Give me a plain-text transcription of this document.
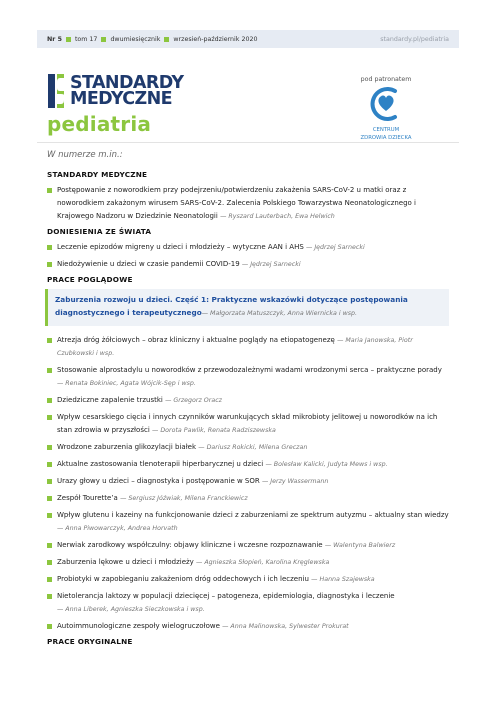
Nr 5 tom 17 dwumiesięcznik wrzesień-październik 2020	standardy.pl/pediatria
STANDARDY
MEDYCZNE
pediatria
pod patronatem
CENTRUM
ZDROWIA DZIECKA
W numerze m.in.:
STANDARDY MEDYCZNE
Postępowanie z noworodkiem przy podejrzeniu/potwierdzeniu zakażenia SARS-CoV-2 u matki oraz z noworodkiem zakażonym wirusem SARS-CoV-2. Zalecenia Polskiego Towarzystwa Neonatologicznego i Krajowego Nadzoru w Dziedzinie Neonatologii — Ryszard Lauterbach, Ewa Helwich
DONIESIENIA ZE ŚWIATA
Leczenie epizodów migreny u dzieci i młodzieży – wytyczne AAN i AHS — Jędrzej Sarnecki
Niedożywienie u dzieci w czasie pandemii COVID-19 — Jędrzej Sarnecki
PRACE POGLĄDOWE
Zaburzenia rozwoju u dzieci. Część 1: Praktyczne wskazówki dotyczące postępowania diagnostycznego i terapeutycznego— Małgorzata Matuszczyk, Anna Wiernicka i wsp.
Atrezja dróg żółciowych – obraz kliniczny i aktualne poglądy na etiopatogenezę — Maria Janowska, Piotr Czubkowski i wsp.
Stosowanie alprostadylu u noworodków z przewodozależnymi wadami wrodzonymi serca – praktyczne porady — Renata Bokiniec, Agata Wójcik-Sęp i wsp.
Dziedziczne zapalenie trzustki — Grzegorz Oracz
Wpływ cesarskiego cięcia i innych czynników warunkujących skład mikrobioty jelitowej u noworodków na ich stan zdrowia w przyszłości — Dorota Pawlik, Renata Radziszewska
Wrodzone zaburzenia glikozylacji białek — Dariusz Rokicki, Milena Greczan
Aktualne zastosowania tlenoterapii hiperbarycznej u dzieci — Bolesław Kalicki, Judyta Mews i wsp.
Urazy głowy u dzieci – diagnostyka i postępowanie w SOR — Jerzy Wassermann
Zespół Tourette’a — Sergiusz Jóźwiak, Milena Franckiewicz
Wpływ glutenu i kazeiny na funkcjonowanie dzieci z zaburzeniami ze spektrum autyzmu – aktualny stan wiedzy — Anna Piwowarczyk, Andrea Horvath
Nerwiak zarodkowy współczulny: objawy kliniczne i wczesne rozpoznawanie — Walentyna Balwierz
Zaburzenia lękowe u dzieci i młodzieży — Agnieszka Słopień, Karolina Kręglewska
Probiotyki w zapobieganiu zakażeniom dróg oddechowych i ich leczeniu — Hanna Szajewska
Nietolerancja laktozy w populacji dziecięcej – patogeneza, epidemiologia, diagnostyka i leczenie
— Anna Liberek, Agnieszka Sieczkowska i wsp.
Autoimmunologiczne zespoły wielogruczołowe — Anna Malinowska, Sylwester Prokurat
PRACE ORYGINALNE
